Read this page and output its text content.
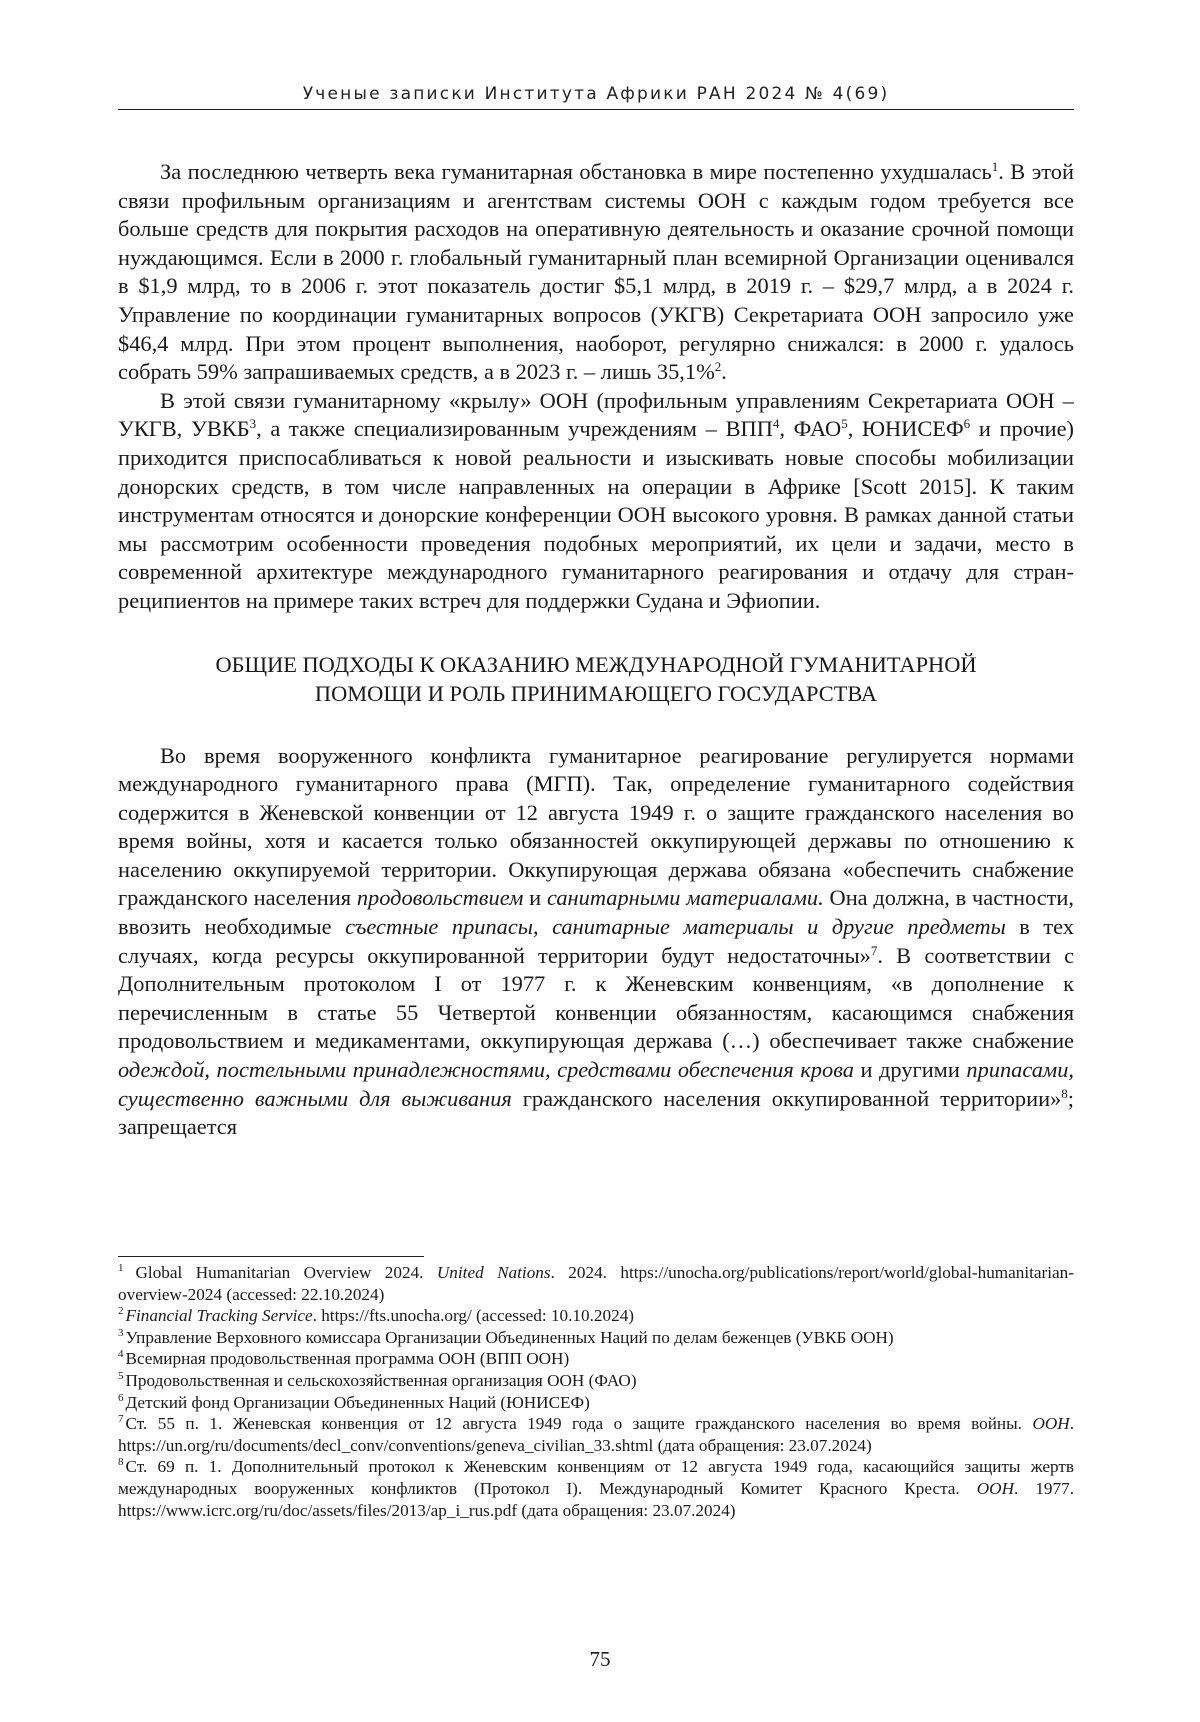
Ученые записки Института Африки РАН 2024 № 4(69)

За последнюю четверть века гуманитарная обстановка в мире постепенно ухудшалась$^1$. В этой связи профильным организациям и агентствам системы ООН с каждым годом требуется все больше средств для покрытия расходов на оперативную деятельность и оказание срочной помощи нуждающимся. Если в 2000 г. глобальный гуманитарный план всемирной Организации оценивался в $1,9 млрд, то в 2006 г. этот показатель достиг $5,1 млрд, в 2019 г. – $29,7 млрд, а в 2024 г. Управление по координации гуманитарных вопросов (УКГВ) Секретариата ООН запросило уже $46,4 млрд. При этом процент выполнения, наоборот, регулярно снижался: в 2000 г. удалось собрать 59% запрашиваемых средств, а в 2023 г. – лишь 35,1%$^2$.

В этой связи гуманитарному «крылу» ООН (профильным управлениям Секретариата ООН – УКГВ, УВКБ$^3$, а также специализированным учреждениям – ВПП$^4$, ФАО$^5$, ЮНИСЕФ$^6$ и прочие) приходится приспосабливаться к новой реальности и изыскивать новые способы мобилизации донорских средств, в том числе направленных на операции в Африке [Scott 2015]. К таким инструментам относятся и донорские конференции ООН высокого уровня. В рамках данной статьи мы рассмотрим особенности проведения подобных мероприятий, их цели и задачи, место в современной архитектуре международного гуманитарного реагирования и отдачу для стран-реципиентов на примере таких встреч для поддержки Судана и Эфиопии.

ОБЩИЕ ПОДХОДЫ К ОКАЗАНИЮ МЕЖДУНАРОДНОЙ ГУМАНИТАРНОЙ
ПОМОЩИ И РОЛЬ ПРИНИМАЮЩЕГО ГОСУДАРСТВА

Во время вооруженного конфликта гуманитарное реагирование регулируется нормами международного гуманитарного права (МГП). Так, определение гуманитарного содействия содержится в Женевской конвенции от 12 августа 1949 г. о защите гражданского населения во время войны, хотя и касается только обязанностей оккупирующей державы по отношению к населению оккупируемой территории. Оккупирующая держава обязана «обеспечить снабжение гражданского населения продовольствием и санитарными материалами. Она должна, в частности, ввозить необходимые съестные припасы, санитарные материалы и другие предметы в тех случаях, когда ресурсы оккупированной территории будут недостаточны»$^7$. В соответствии с Дополнительным протоколом I от 1977 г. к Женевским конвенциям, «в дополнение к перечисленным в статье 55 Четвертой конвенции обязанностям, касающимся снабжения продовольствием и медикаментами, оккупирующая держава (…) обеспечивает также снабжение одеждой, постельными принадлежностями, средствами обеспечения крова и другими припасами, существенно важными для выживания гражданского населения оккупированной территории»$^8$; запрещается

$^1$ Global Humanitarian Overview 2024. United Nations. 2024. https://unocha.org/publications/report/world/global-humanitarian-overview-2024 (accessed: 22.10.2024)

$^2$ Financial Tracking Service. https://fts.unocha.org/ (accessed: 10.10.2024)

$^3$ Управление Верховного комиссара Организации Объединенных Наций по делам беженцев (УВКБ ООН)

$^4$ Всемирная продовольственная программа ООН (ВПП ООН)

$^5$ Продовольственная и сельскохозяйственная организация ООН (ФАО)

$^6$ Детский фонд Организации Объединенных Наций (ЮНИСЕФ)

$^7$ Ст. 55 п. 1. Женевская конвенция от 12 августа 1949 года о защите гражданского населения во время войны. ООН. https://un.org/ru/documents/decl_conv/conventions/geneva_civilian_33.shtml (дата обращения: 23.07.2024)

$^8$ Ст. 69 п. 1. Дополнительный протокол к Женевским конвенциям от 12 августа 1949 года, касающийся защиты жертв международных вооруженных конфликтов (Протокол I). Международный Комитет Красного Креста. ООН. 1977. https://www.icrc.org/ru/doc/assets/files/2013/ap_i_rus.pdf (дата обращения: 23.07.2024)

75
